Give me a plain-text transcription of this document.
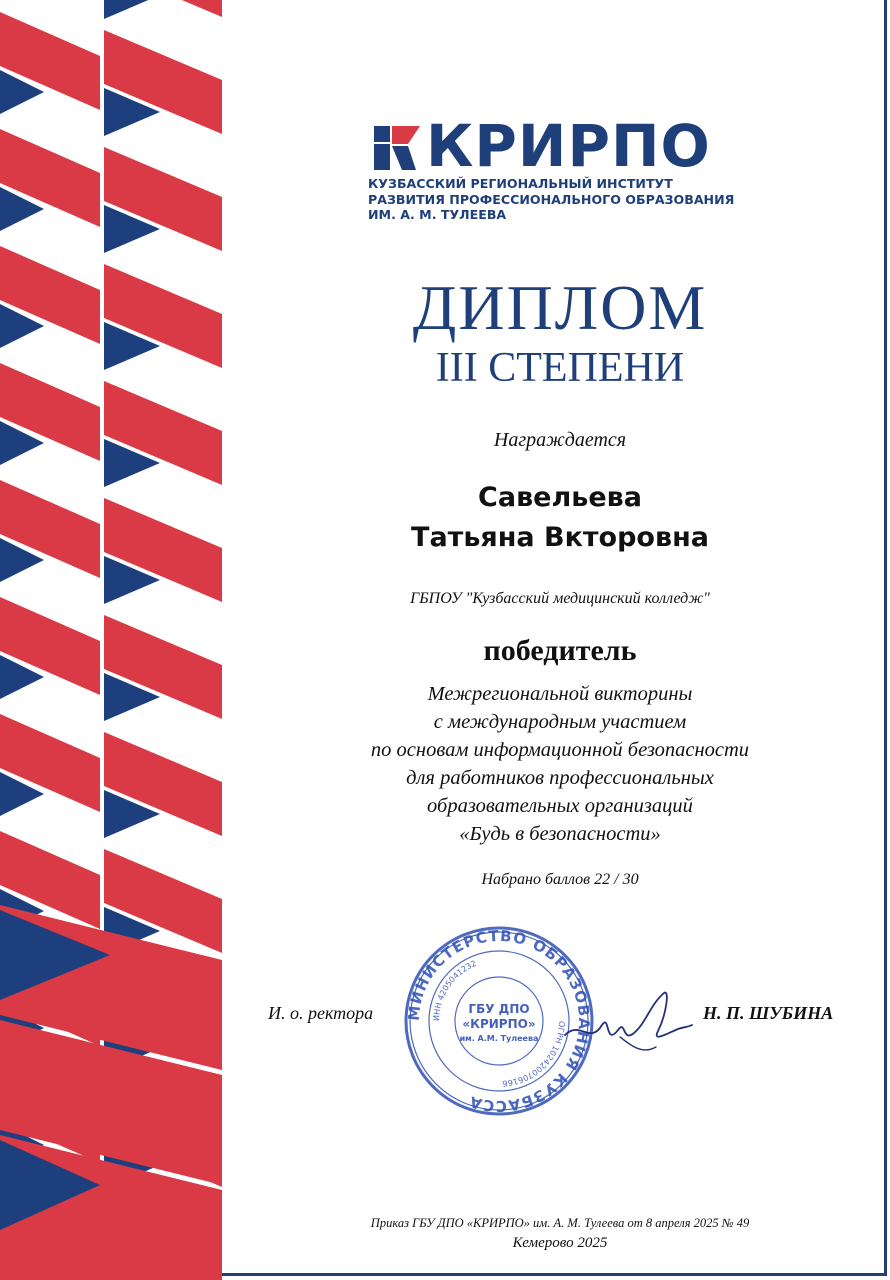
КРИРПО
КУЗБАССКИЙ РЕГИОНАЛЬНЫЙ ИНСТИТУТ
РАЗВИТИЯ ПРОФЕССИОНАЛЬНОГО ОБРАЗОВАНИЯ
ИМ. А. М. ТУЛЕЕВА
ДИПЛОМ
III СТЕПЕНИ
Награждается
Савельева
Татьяна Вкторовна
ГБПОУ "Кузбасский медицинский колледж"
победитель
Межрегиональной викторины
с международным участием
по основам информационной безопасности
для работников профессиональных
образовательных организаций
«Будь в безопасности»
Набрано баллов 22 / 30
МИНИСТЕРСТВО ОБРАЗОВАНИЯ КУЗБАССА
ИНН 4205041232
ОГРН 1024200706166
ГБУ ДПО
«КРИРПО»
им. А.М. Тулеева
И. о. ректора	Н. П. ШУБИНА
Приказ ГБУ ДПО «КРИРПО» им. А. М. Тулеева от 8 апреля 2025 № 49
Кемерово 2025
